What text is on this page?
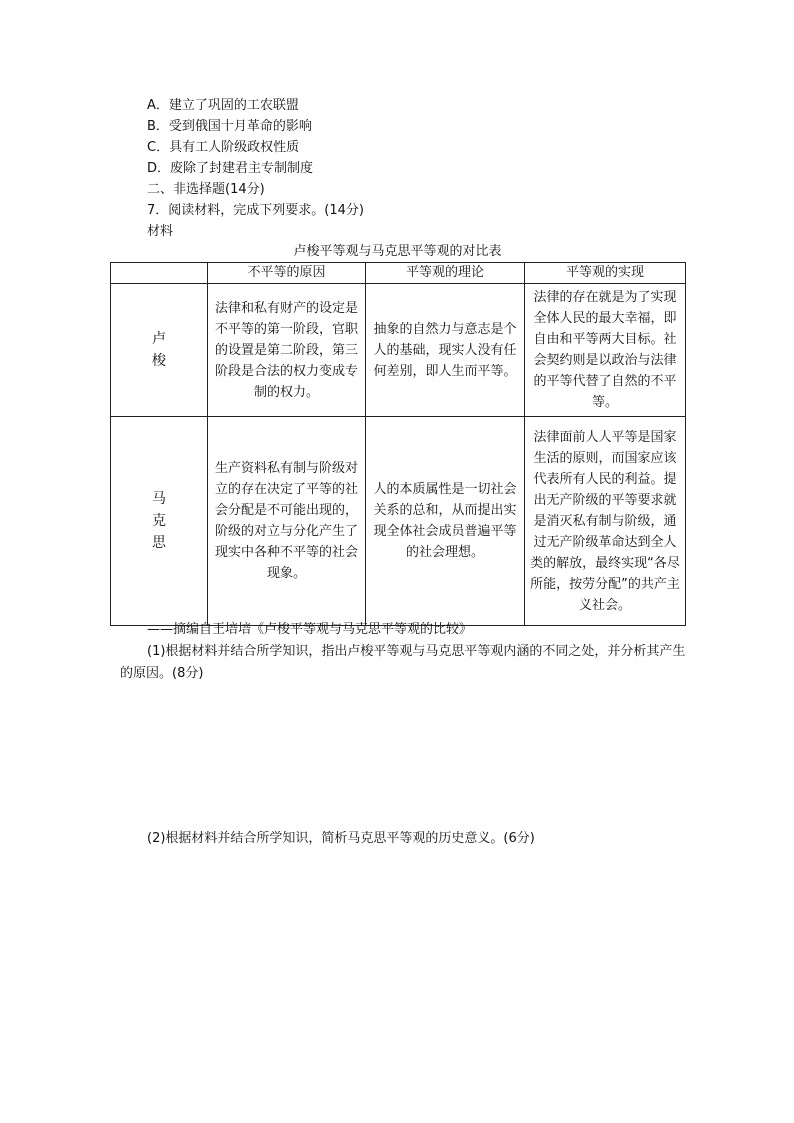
A．建立了巩固的工农联盟
B．受到俄国十月革命的影响
C．具有工人阶级政权性质
D．废除了封建君主专制制度
二、非选择题(14分)
7．阅读材料，完成下列要求。(14分)
材料
卢梭平等观与马克思平等观的对比表
	不平等的原因	平等观的理论	平等观的实现

卢
梭	法律和私有财产的设定是不平等的第一阶段，官职的设置是第二阶段，第三阶段是合法的权力变成专制的权力。	抽象的自然力与意志是个人的基础，现实人没有任何差别，即人生而平等。	法律的存在就是为了实现全体人民的最大幸福，即自由和平等两大目标。社会契约则是以政治与法律的平等代替了自然的不平等。

马
克
思	生产资料私有制与阶级对立的存在决定了平等的社会分配是不可能出现的，阶级的对立与分化产生了现实中各种不平等的社会现象。	人的本质属性是一切社会关系的总和，从而提出实现全体社会成员普遍平等的社会理想。	法律面前人人平等是国家生活的原则，而国家应该代表所有人民的利益。提出无产阶级的平等要求就是消灭私有制与阶级，通过无产阶级革命达到全人类的解放，最终实现“各尽所能，按劳分配”的共产主义社会。
——摘编自王培培《卢梭平等观与马克思平等观的比较》
(1)根据材料并结合所学知识，指出卢梭平等观与马克思平等观内涵的不同之处，并分析其产生的原因。(8分)
(2)根据材料并结合所学知识，简析马克思平等观的历史意义。(6分)
